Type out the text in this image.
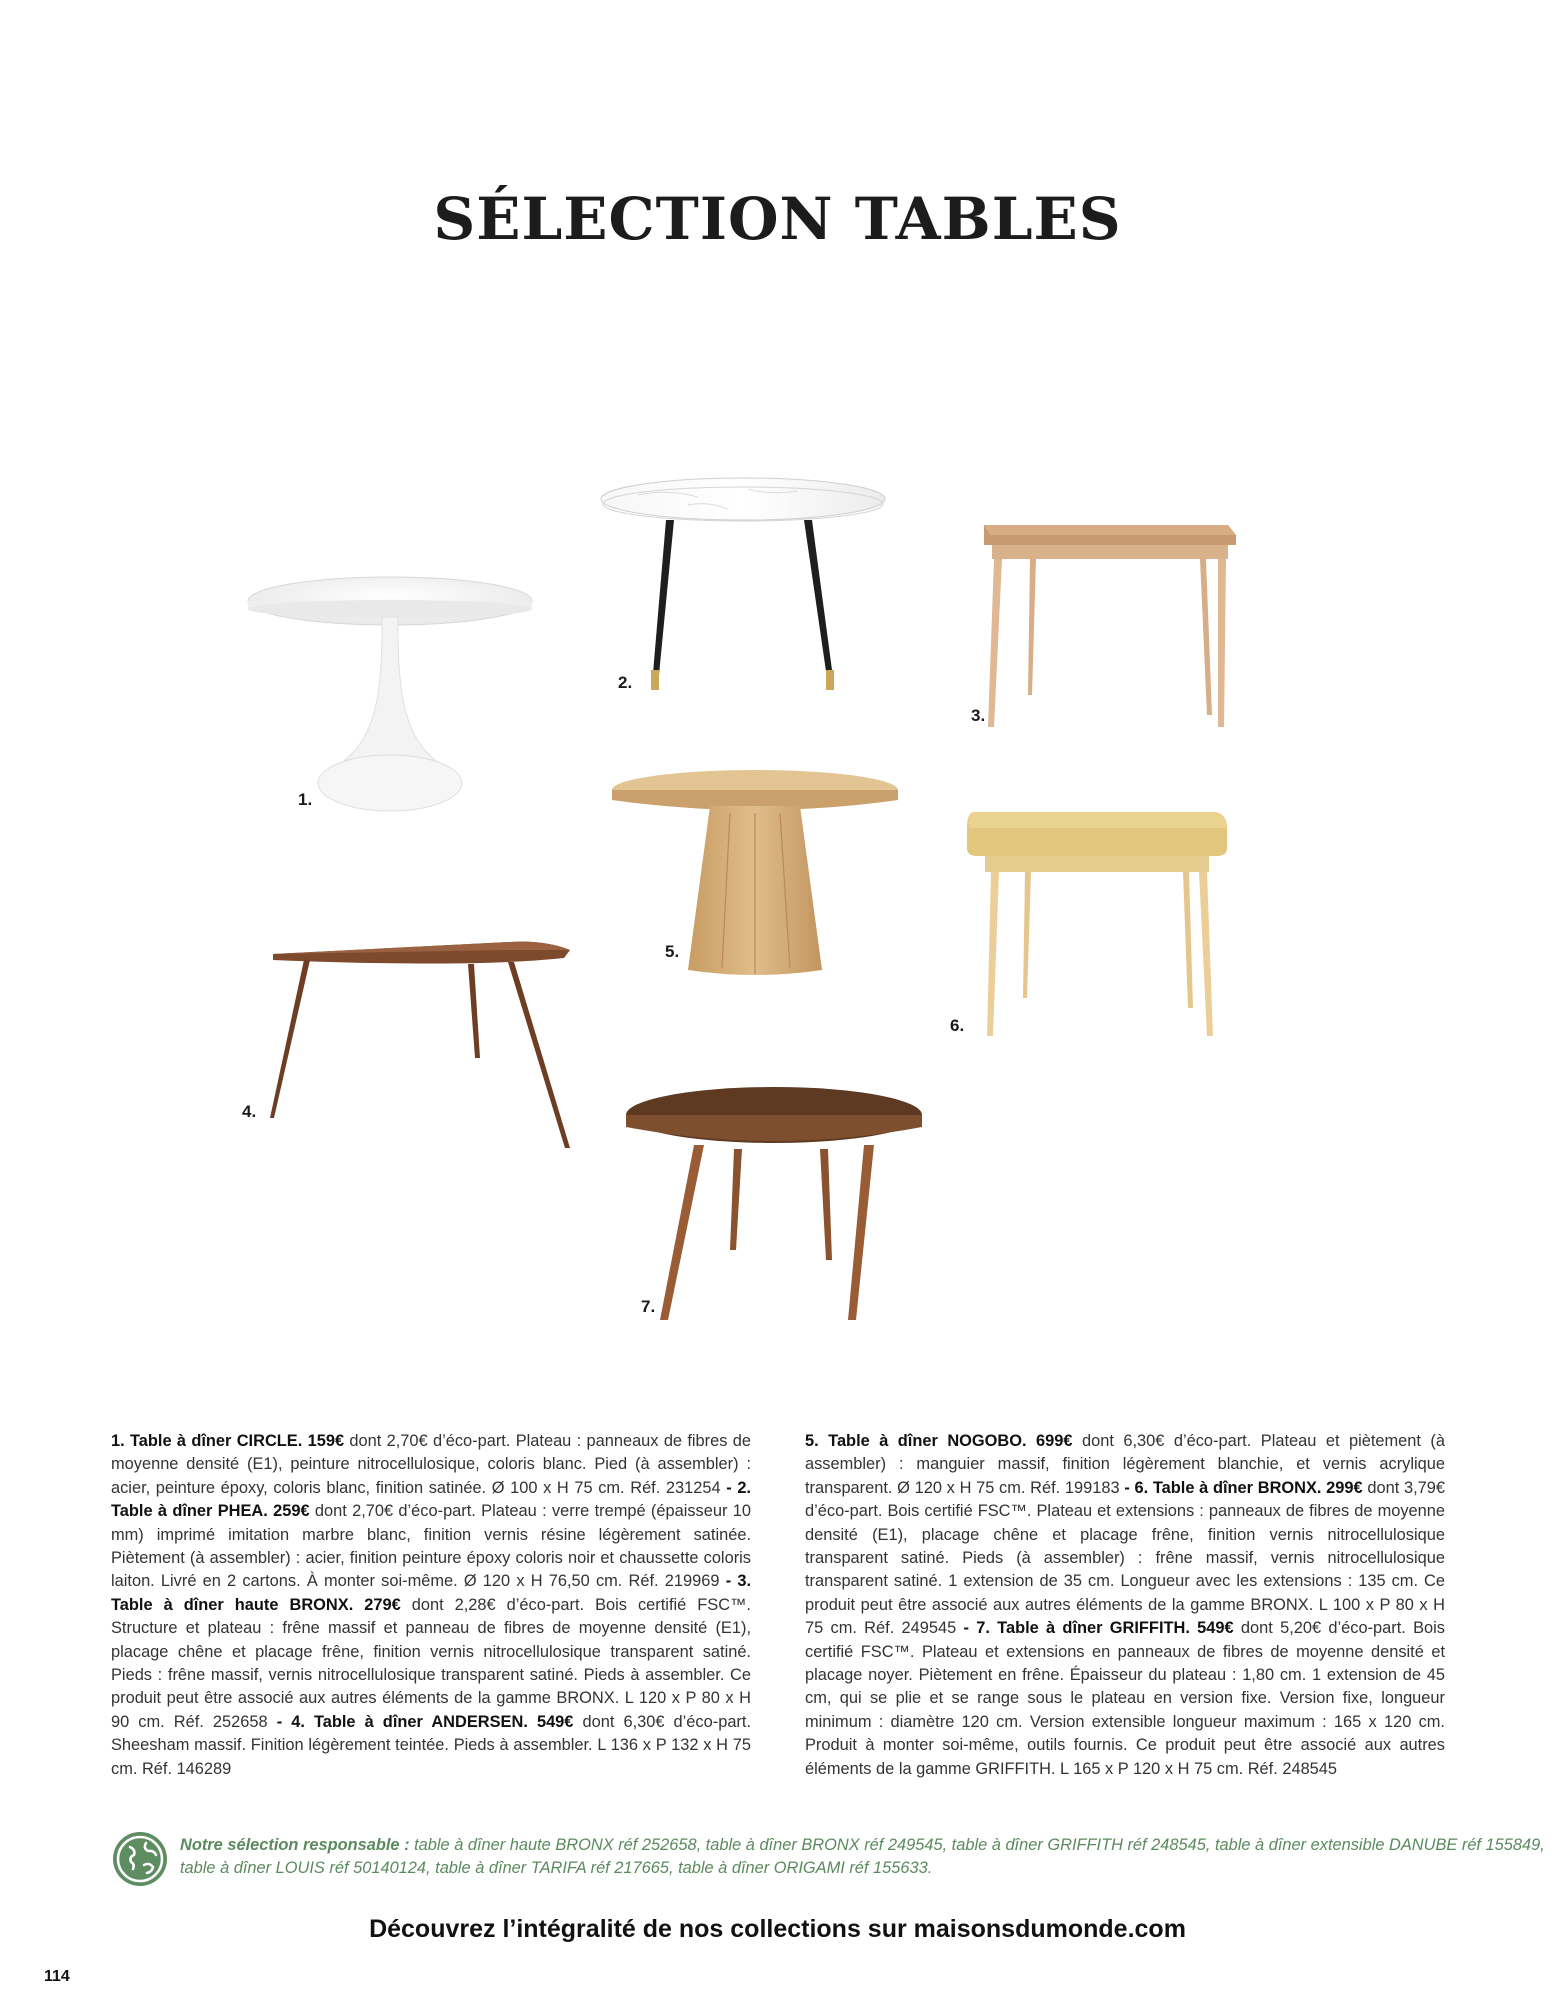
SÉLECTION TABLES
1.
2.
3.
4.
5.
6.
7.
1. Table à dîner CIRCLE. 159€ dont 2,70€ d’éco-part. Plateau : panneaux de fibres de moyenne densité (E1), peinture nitrocellulosique, coloris blanc. Pied (à assembler) : acier, peinture époxy, coloris blanc, finition satinée. Ø 100 x H 75 cm. Réf. 231254 - 2. Table à dîner PHEA. 259€ dont 2,70€ d’éco-part. Plateau : verre trempé (épaisseur 10 mm) imprimé imitation marbre blanc, finition vernis résine légèrement satinée. Piètement (à assembler) : acier, finition peinture époxy coloris noir et chaussette coloris laiton. Livré en 2 cartons. À monter soi-même. Ø 120 x H 76,50 cm. Réf. 219969 - 3. Table à dîner haute BRONX. 279€ dont 2,28€ d’éco-part. Bois certifié FSC™. Structure et plateau : frêne massif et panneau de fibres de moyenne densité (E1), placage chêne et placage frêne, finition vernis nitrocellulosique transparent satiné. Pieds : frêne massif, vernis nitrocellulosique transparent satiné. Pieds à assembler. Ce produit peut être associé aux autres éléments de la gamme BRONX. L 120 x P 80 x H 90 cm. Réf. 252658 - 4. Table à dîner ANDERSEN. 549€ dont 6,30€ d’éco-part. Sheesham massif. Finition légèrement teintée. Pieds à assembler. L 136 x P 132 x H 75 cm. Réf. 146289
5. Table à dîner NOGOBO. 699€ dont 6,30€ d’éco-part. Plateau et piètement (à assembler) : manguier massif, finition légèrement blanchie, et vernis acrylique transparent. Ø 120 x H 75 cm. Réf. 199183 - 6. Table à dîner BRONX. 299€ dont 3,79€ d’éco-part. Bois certifié FSC™. Plateau et extensions : panneaux de fibres de moyenne densité (E1), placage chêne et placage frêne, finition vernis nitrocellulosique transparent satiné. Pieds (à assembler) : frêne massif, vernis nitrocellulosique transparent satiné. 1 extension de 35 cm. Longueur avec les extensions : 135 cm. Ce produit peut être associé aux autres éléments de la gamme BRONX. L 100 x P 80 x H 75 cm. Réf. 249545 - 7. Table à dîner GRIFFITH. 549€ dont 5,20€ d’éco-part. Bois certifié FSC™. Plateau et extensions en panneaux de fibres de moyenne densité et placage noyer. Piètement en frêne. Épaisseur du plateau : 1,80 cm. 1 extension de 45 cm, qui se plie et se range sous le plateau en version fixe. Version fixe, longueur minimum : diamètre 120 cm. Version extensible longueur maximum : 165 x 120 cm. Produit à monter soi-même, outils fournis. Ce produit peut être associé aux autres éléments de la gamme GRIFFITH. L 165 x P 120 x H 75 cm. Réf. 248545
Notre sélection responsable : table à dîner haute BRONX réf 252658, table à dîner BRONX réf 249545, table à dîner GRIFFITH réf 248545, table à dîner extensible DANUBE réf 155849, table à dîner LOUIS réf 50140124, table à dîner TARIFA réf 217665, table à dîner ORIGAMI réf 155633.
Découvrez l’intégralité de nos collections sur maisonsdumonde.com
114
